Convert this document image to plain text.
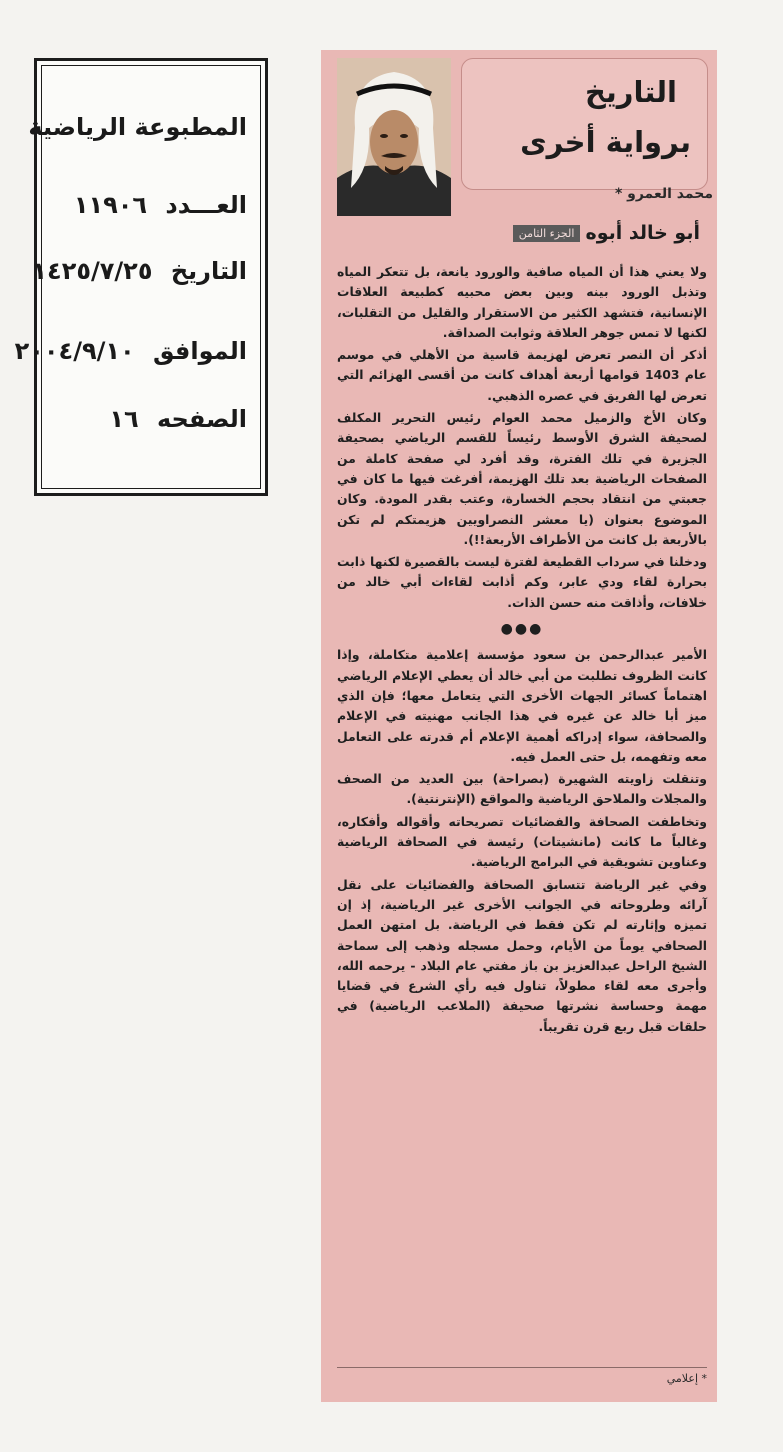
المطبوعة الرياضية
العـــدد ١١٩٠٦
التاريخ ١٤٢٥/٧/٢٥
الموافق ٢٠٠٤/٩/١٠
الصفحه ١٦
التاريخ
برواية أخرى
محمد العمرو *
أبو خالد أبوه الجزء الثامن

ولا يعني هذا أن المياه صافية والورود يانعة، بل تتعكر المياه وتذبل الورود بينه وبين بعض محبيه كطبيعة العلاقات الإنسانية، فتشهد الكثير من الاستقرار والقليل من التقلبات، لكنها لا تمس جوهر العلاقة وثوابت الصداقة.

أذكر أن النصر تعرض لهزيمة قاسية من الأهلي في موسم عام 1403 قوامها أربعة أهداف كانت من أقسى الهزائم التي تعرض لها الفريق في عصره الذهبي.

وكان الأخ والزميل محمد العوام رئيس التحرير المكلف لصحيفة الشرق الأوسط رئيساً للقسم الرياضي بصحيفة الجزيرة في تلك الفترة، وقد أفرد لي صفحة كاملة من الصفحات الرياضية بعد تلك الهزيمة، أفرغت فيها ما كان في جعبتي من انتقاد بحجم الخسارة، وعتب بقدر المودة. وكان الموضوع بعنوان (يا معشر النصراويين هزيمتكم لم تكن بالأربعة بل كانت من الأطراف الأربعة!!).

ودخلنا في سرداب القطيعة لفترة ليست بالقصيرة لكنها ذابت بحرارة لقاء ودي عابر، وكم أذابت لقاءات أبي خالد من خلافات، وأذاقت منه حسن الذات.

●●●

الأمير عبدالرحمن بن سعود مؤسسة إعلامية متكاملة، وإذا كانت الظروف تطلبت من أبي خالد أن يعطي الإعلام الرياضي اهتماماً كسائر الجهات الأخرى التي يتعامل معها؛ فإن الذي ميز أبا خالد عن غيره في هذا الجانب مهنيته في الإعلام والصحافة، سواء إدراكه أهمية الإعلام أم قدرته على التعامل معه وتفهمه، بل حتى العمل فيه.

وتنقلت زاويته الشهيرة (بصراحة) بين العديد من الصحف والمجلات والملاحق الرياضية والمواقع (الإنترنتية).

وتخاطفت الصحافة والفضائيات تصريحاته وأقواله وأفكاره، وغالباً ما كانت (مانشيتات) رئيسة في الصحافة الرياضية وعناوين تشويقية في البرامج الرياضية.

وفي غير الرياضة تتسابق الصحافة والفضائيات على نقل آرائه وطروحاته في الجوانب الأخرى غير الرياضية، إذ إن تميزه وإثارته لم تكن فقط في الرياضة. بل امتهن العمل الصحافي يوماً من الأيام، وحمل مسجله وذهب إلى سماحة الشيخ الراحل عبدالعزيز بن باز مفتي عام البلاد - يرحمه الله، وأجرى معه لقاء مطولاً، تناول فيه رأي الشرع في قضايا مهمة وحساسة نشرتها صحيفة (الملاعب الرياضية) في حلقات قبل ربع قرن تقريباً.

* إعلامي
